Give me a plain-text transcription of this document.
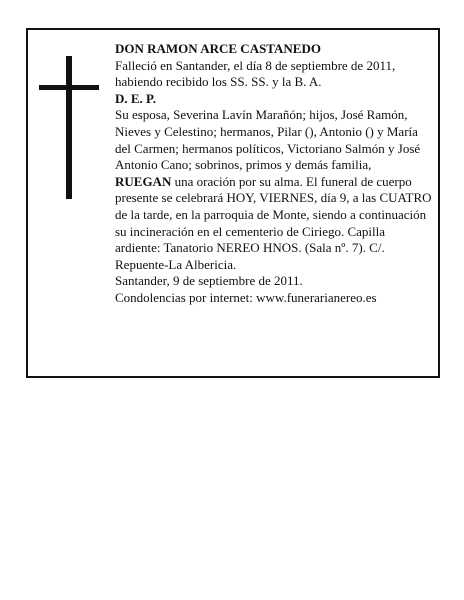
DON RAMON ARCE CASTANEDO

Falleció en Santander, el día 8 de septiembre de 2011, habiendo recibido los SS. SS. y la B. A.

D. E. P.

Su esposa, Severina Lavín Marañón; hijos, José Ramón, Nieves y Celestino; hermanos, Pilar (), Antonio () y María del Carmen; hermanos políticos, Victoriano Salmón y José Antonio Cano; sobrinos, primos y demás familia,

RUEGAN una oración por su alma. El funeral de cuerpo presente se celebrará HOY, VIERNES, día 9, a las CUATRO de la tarde, en la parroquia de Monte, siendo a continuación su incineración en el cementerio de Ciriego. Capilla ardiente: Tanatorio NEREO HNOS. (Sala nº. 7). C/. Repuente-La Albericia.

Santander, 9 de septiembre de 2011.

Condolencias por internet: www.funerarianereo.es
